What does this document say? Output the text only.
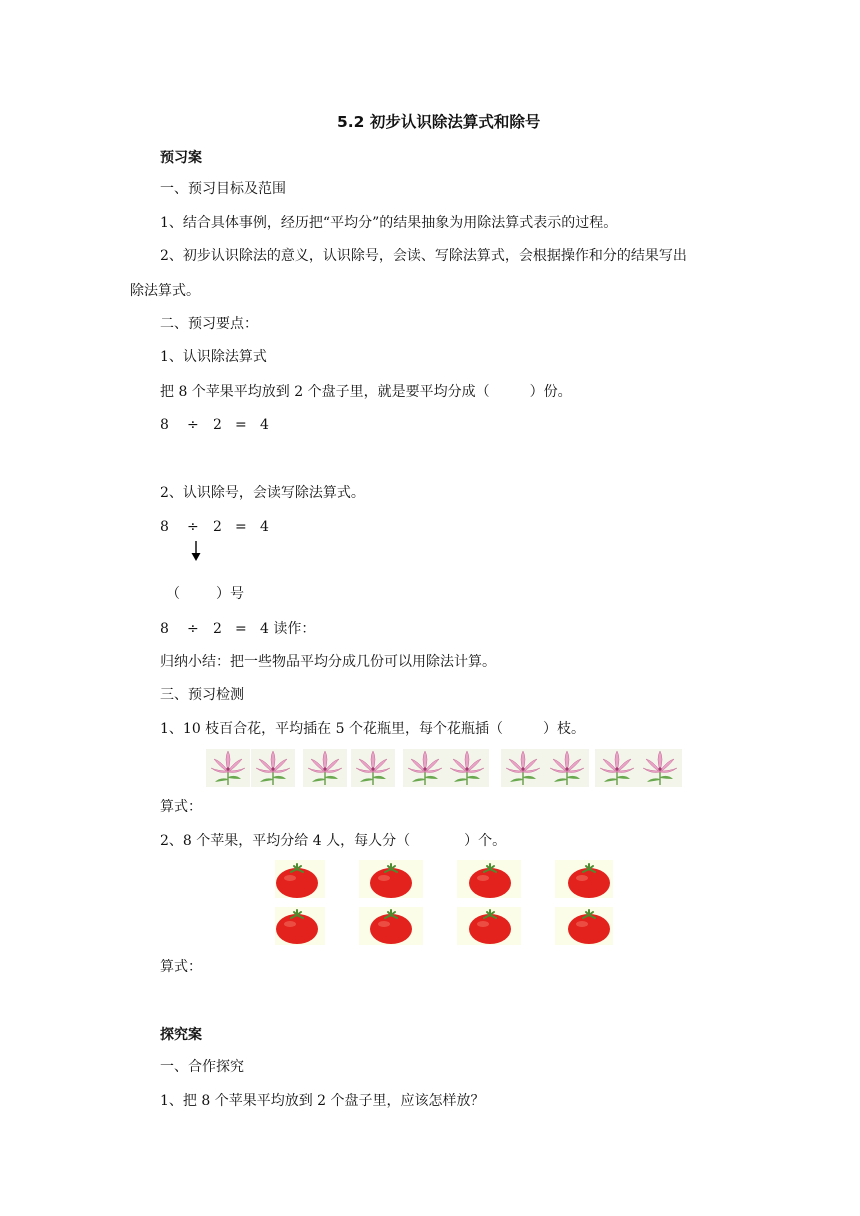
5.2 初步认识除法算式和除号
预习案
一、预习目标及范围
1、结合具体事例，经历把“平均分”的结果抽象为用除法算式表示的过程。
2、初步认识除法的意义，认识除号，会读、写除法算式，会根据操作和分的结果写出
除法算式。
二、预习要点：
1、认识除法算式
把 8 个苹果平均放到 2 个盘子里，就是要平均分成（	）份。
8 ÷ 2 = 4
2、认识除号，会读写除法算式。
8 ÷ 2 = 4
（	）号
8 ÷ 2 = 4 读作：
归纳小结：把一些物品平均分成几份可以用除法计算。
三、预习检测
1、10 枝百合花，平均插在 5 个花瓶里，每个花瓶插（	）枝。
算式：
2、8 个苹果，平均分给 4 人，每人分（	）个。
算式：
探究案
一、合作探究
1、把 8 个苹果平均放到 2 个盘子里，应该怎样放？
